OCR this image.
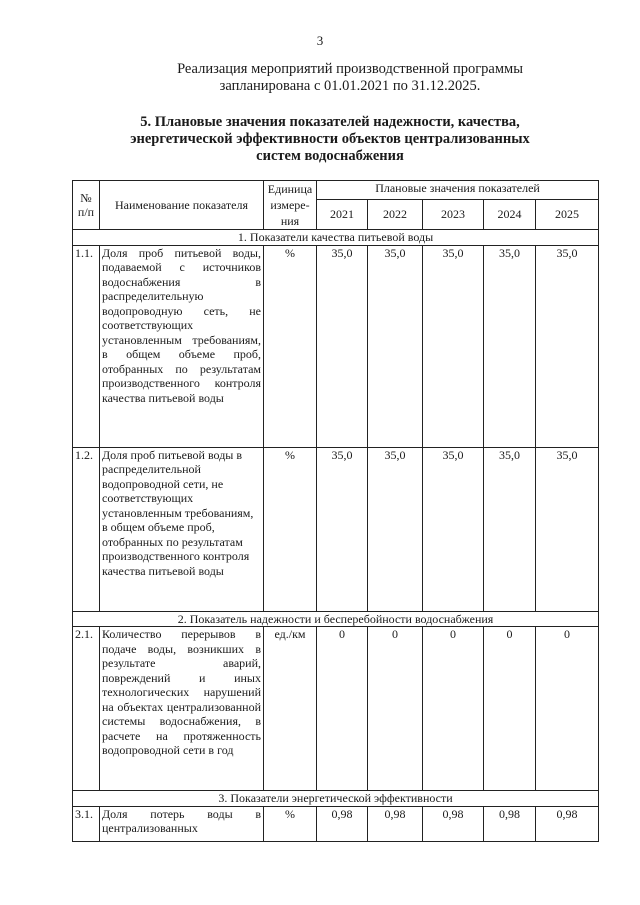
3
Реализация мероприятий производственной программы
запланирована с 01.01.2021 по 31.12.2025.
5. Плановые значения показателей надежности, качества,
энергетической эффективности объектов централизованных
систем водоснабжения
№ п/п	Наименование показателя	Единица измере-ния	Плановые значения показателей				
			2021	2022	2023	2024	2025
1. Показатели качества питьевой воды							
1.1.	Доля проб питьевой воды, подаваемой с источников водоснабжения в распределительную водопроводную сеть, не соответствующих установленным требованиям, в общем объеме проб, отобранных по результатам производственного контроля качества питьевой воды	%	35,0	35,0	35,0	35,0	35,0
1.2.	Доля проб питьевой воды в распределительной водопроводной сети, не соответствующих установленным требованиям, в общем объеме проб, отобранных по результатам производственного контроля качества питьевой воды	%	35,0	35,0	35,0	35,0	35,0
2. Показатель надежности и бесперебойности водоснабжения							
2.1.	Количество перерывов в подаче воды, возникших в результате аварий, повреждений и иных технологических нарушений на объектах централизованной системы водоснабжения, в расчете на протяженность водопроводной сети в год	ед./км	0	0	0	0	0
3. Показатели энергетической эффективности							
3.1.	Доля потерь воды в централизованных	%	0,98	0,98	0,98	0,98	0,98
